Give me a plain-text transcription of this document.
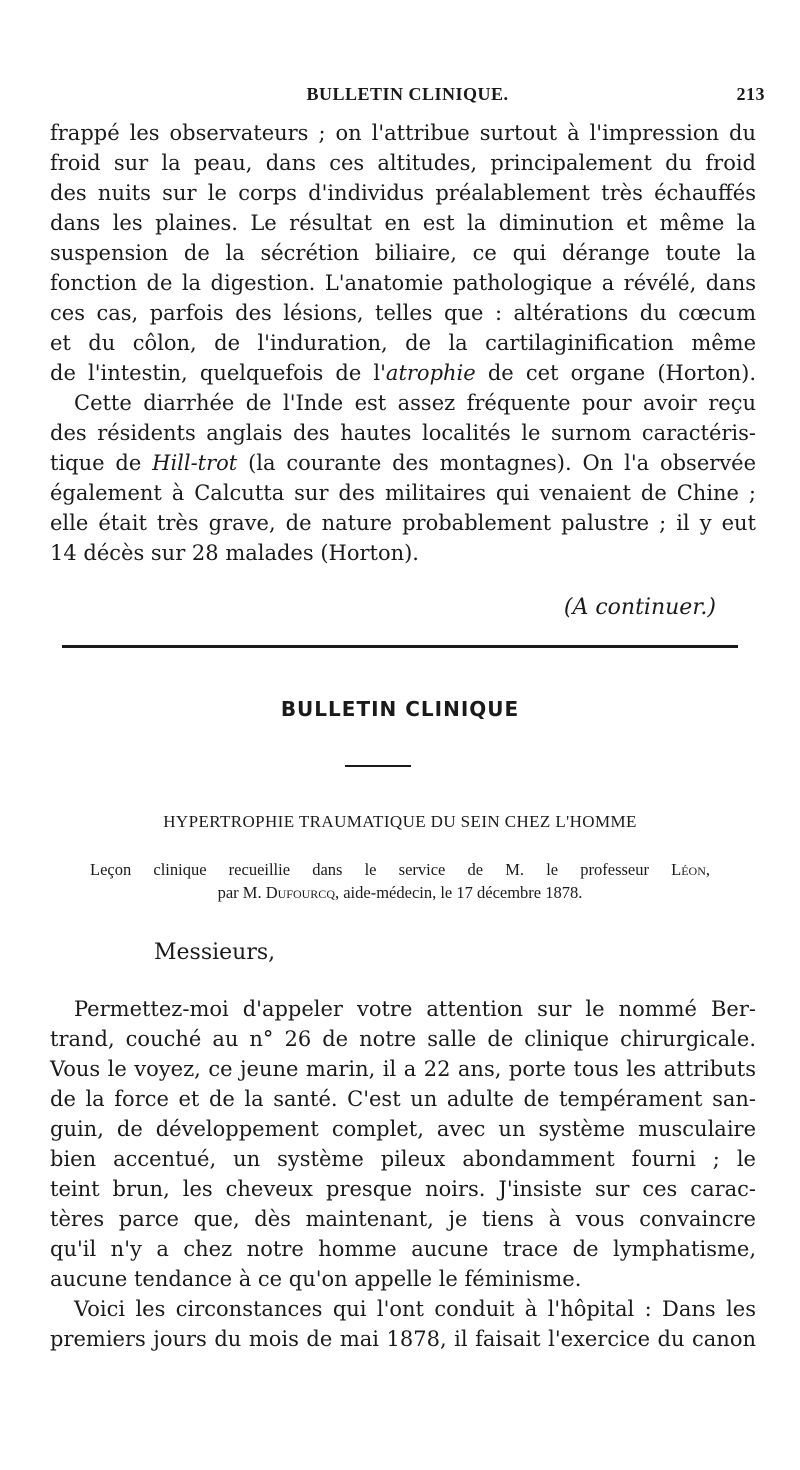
BULLETIN CLINIQUE.	213

frappé les observateurs ; on l'attribue surtout à l'impression du

froid sur la peau, dans ces altitudes, principalement du froid

des nuits sur le corps d'individus préalablement très échauffés

dans les plaines. Le résultat en est la diminution et même la

suspension de la sécrétion biliaire, ce qui dérange toute la

fonction de la digestion. L'anatomie pathologique a révélé, dans

ces cas, parfois des lésions, telles que : altérations du cœcum

et du côlon, de l'induration, de la cartilaginification même

de l'intestin, quelquefois de l'atrophie de cet organe (Horton).

Cette diarrhée de l'Inde est assez fréquente pour avoir reçu

des résidents anglais des hautes localités le surnom caractéris-

tique de Hill-trot (la courante des montagnes). On l'a observée

également à Calcutta sur des militaires qui venaient de Chine ;

elle était très grave, de nature probablement palustre ; il y eut

14 décès sur 28 malades (Horton).

(A continuer.)
BULLETIN CLINIQUE
HYPERTROPHIE TRAUMATIQUE DU SEIN CHEZ L'HOMME
Leçon clinique recueillie dans le service de M. le professeur Léon,
par M. Dufourcq, aide-médecin, le 17 décembre 1878.
Messieurs,

Permettez-moi d'appeler votre attention sur le nommé Ber-

trand, couché au n° 26 de notre salle de clinique chirurgicale.

Vous le voyez, ce jeune marin, il a 22 ans, porte tous les attributs

de la force et de la santé. C'est un adulte de tempérament san-

guin, de développement complet, avec un système musculaire

bien accentué, un système pileux abondamment fourni ; le

teint brun, les cheveux presque noirs. J'insiste sur ces carac-

tères parce que, dès maintenant, je tiens à vous convaincre

qu'il n'y a chez notre homme aucune trace de lymphatisme,

aucune tendance à ce qu'on appelle le féminisme.

Voici les circonstances qui l'ont conduit à l'hôpital : Dans les

premiers jours du mois de mai 1878, il faisait l'exercice du canon
